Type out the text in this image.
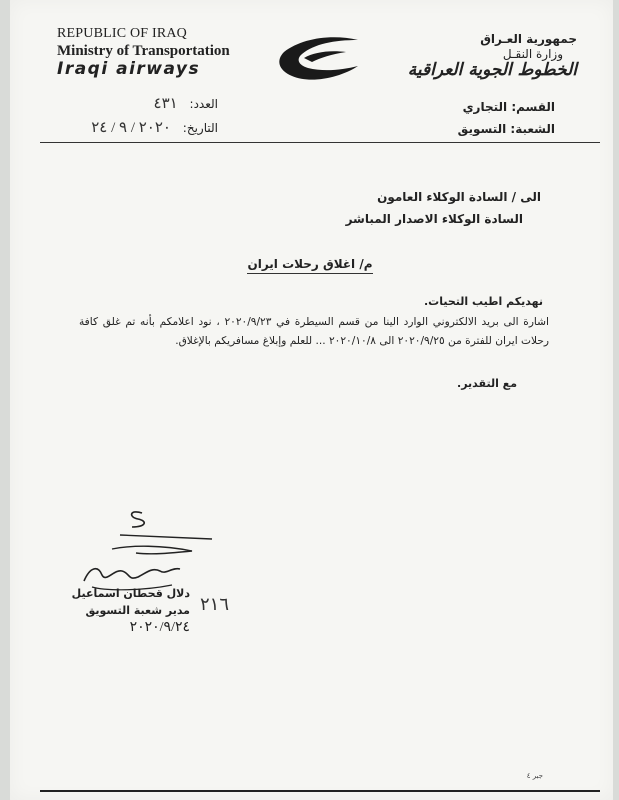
REPUBLIC OF IRAQ
Ministry of Transportation
Iraqi airways
جمهورية العـراق
وزارة النقـل
الخطوط الجوية العراقية
العدد: ٤٣١
التاريخ: ٢٠٢٠ / ٩ / ٢٤
القسم: التجاري
الشعبة: التسويق
الى / السادة الوكلاء العامون
السادة الوكلاء الاصدار المباشر
م/ اغلاق رحلات ايران
نهديكم اطيب التحيات.
اشارة الى بريد الالكتروني الوارد الينا من قسم السيطرة في ٢٠٢٠/٩/٢٣ ، نود اعلامكم بأنه تم غلق كافة رحلات ايران للفترة من ٢٠٢٠/٩/٢٥ الى ٢٠٢٠/١٠/٨ ... للعلم وإبلاغ مسافريكم بالإغلاق.
مع التقدير.
دلال قحطان اسماعيل
مدير شعبة التسويق
٢٠٢٠/٩/٢٤
٢١٦
جبر ٤
